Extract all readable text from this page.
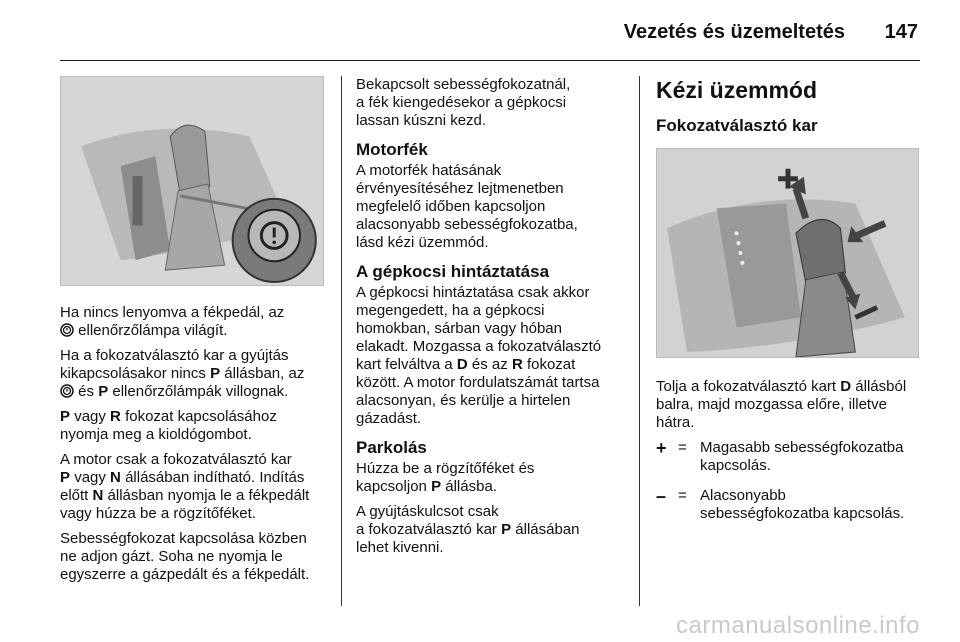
Vezetés és üzemeltetés 147

Ha nincs lenyomva a fékpedál, az
ellenőrzőlámpa világít.

Ha a fokozatválasztó kar a gyújtás
kikapcsolásakor nincs P állásban, az
és P ellenőrzőlámpák villognak.

P vagy R fokozat kapcsolásához
nyomja meg a kioldógombot.

A motor csak a fokozatválasztó kar
P vagy N állásában indítható. Indítás
előtt N állásban nyomja le a fékpedált
vagy húzza be a rögzítőféket.

Sebességfokozat kapcsolása közben
ne adjon gázt. Soha ne nyomja le
egyszerre a gázpedált és a fékpedált.

Bekapcsolt sebességfokozatnál,
a fék kiengedésekor a gépkocsi
lassan kúszni kezd.

Motorfék

A motorfék hatásának
érvényesítéséhez lejtmenetben
megfelelő időben kapcsoljon
alacsonyabb sebességfokozatba,
lásd kézi üzemmód.

A gépkocsi hintáztatása

A gépkocsi hintáztatása csak akkor
megengedett, ha a gépkocsi
homokban, sárban vagy hóban
elakadt. Mozgassa a fokozatválasztó
kart felváltva a D és az R fokozat
között. A motor fordulatszámát tartsa
alacsonyan, és kerülje a hirtelen
gázadást.

Parkolás

Húzza be a rögzítőféket és
kapcsoljon P állásba.

A gyújtáskulcsot csak
a fokozatválasztó kar P állásában
lehet kivenni.

Kézi üzemmód
Fokozatválasztó kar

Tolja a fokozatválasztó kart D állásból
balra, majd mozgassa előre, illetve
hátra.

+ = Magasabb sebességfokozatba
kapcsolás.
– = Alacsonyabb
sebességfokozatba kapcsolás.
carmanualsonline.info
